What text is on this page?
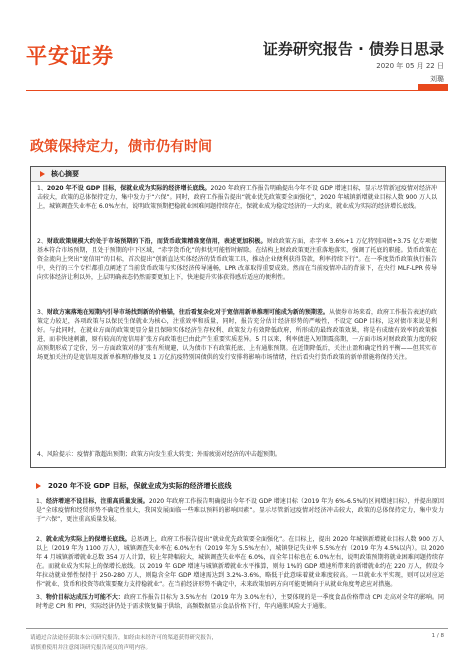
平安证券	证券研究报告 · 债券日思录
2020 年 05 月 22 日
刘璐
政策保持定力，债市仍有时间
核心摘要
1、2020 年不设 GDP 目标，保就业成为实际的经济增长底线。2020 年政府工作报告明确提出今年不设 GDP 增速目标，显示尽管新冠疫情对经济冲击较大，政策的总体保持定力，集中发力于“六保”。同时，政府工作报告提出“就业优先政策要全面强化”，2020 年城镇新增就业目标人数 900 万人以上，城镇调查失业率在 6.0%左右，说明政策预期把稳就业困难问题持续存在，保就业成为稳定经济的一大约束，就业成为实际的经济增长底线。
2、财政政策规模大约处于市场预期的下沿，而货币政策精准宽信用，表述更加积极。财政政策方面，赤字率 3.6%+1 万亿特别国债+3.75 亿专项债基本符合市场预期，且处于预期的中下区域，“赤字货币化”的担忧可能暂时解除。在结构上财政政策更注重落地落实，强调了托底的职能。货币政策在资金流向上突出“宽信用”的目标，首次提出“创新直达实体经济的货币政策工具，推动企业便利获得贷款，利率持续下行”。在一季度货币政策执行报告中，央行的三个专栏都重点阐述了当前货币政策与实体经济传导通畅，LPR 改革取得重要成效。然而在当前疫情冲击的背景下，在央行 MLF-LPR 传导向实体经济让利以外，上层明确表态仍然需要更加上下，快速提升实体获得感后适应的便利性。
3、财政方案落地在短期内引导市场找到新的价格锚，往后看复杂化对于宽信用新单推理可能成为新的预期差。从债券市场来看，政府工作报告表述的政策定力较足，各项政策与以保民生保就业为核心，注重效率和质量，同时，报告充分估计经济形势的严峻性，不设定 GDP 目标，这对债市来说是利好。与此同时，在就业方面的政策更显分量且保障实体经济生存权利、政策发力有效降低政府，所形成的最终政策效果，将是有成绩有效率的政策推进，而非快速刺激，原有较高的宽信用扩张方向政策也已由此产生重要实质差异。5 月以来，利率债进入短期震荡期，一方面市场对财政政策力度的较高预期形成了定价，另一方面政策对的扩张有所规避，认为债市下有政策托底、上有通胀预期。在近期降低后，关注止盈和确定性的平衡——但其实市场更加关注的是宽信用及新单推理的修复及 1 万亿抗疫特别国债供的发行安排将影响市场情绪，往后看央行货币政策的新单措施将保持关注。
4、风险提示：疫情扩散超出预期；政策方向发生重大转变；外需疲弱对经济的冲击超预期。
2020 年不设 GDP 目标，保就业成为实际的经济增长底线
1、经济增速不设目标，注重高质量发展。2020 年政府工作报告明确提出今年不设 GDP 增速目标（2019 年为 6%-6.5%的区间增速目标），并提出原因是“全球疫情和经贸形势不确定性很大，我国发展面临一些难以预料的影响因素”。显示尽管新冠疫情对经济冲击较大，政策的总体保持定力，集中发力于“六保”，更注重高质量发展。
2、就业成为实际上的保增长底线。总基调上，政府工作报告提出“就业优先政策要全面强化”。在目标上，提出 2020 年城镇新增就业目标人数 900 万人以上（2019 年为 1100 万人），城镇调查失业率在 6.0%左右（2019 年为 5.5%左右），城镇登记失业率 5.5%左右（2019 年为 4.5%以内）。以 2020 年 4 月城镇新增就业总数 354 万人计算，较上年降幅较大，城镇调查失业率在 6.0%，而全年目标也在 6.0%左右，说明政策预期将就业困难问题持续存在。而就业成为实际上的保增长底线。以 2019 年 GDP 增速与城镇新增就业水平推算，则每 1%的 GDP 增速所带来的新增就业约在 220 万人，假设今年拉动就业弹性保持于 250-280 万人，则隐含全年 GDP 增速需达到 3.2%-3.6%，略低于此意味着就业难度较高。一旦就业水平实现，则可以对应运作“就业、货币和投资等政策要聚力支持稳就业”。在当前经济形势不确定中，未来政策加码方向可能更倾向于从就业角度考虑应对措施。
3、物价目标达成压力可能不大：政府工作报告目标为 3.5%左右（2019 年为 3.0%左右），主要体现的是一季度食品价格带动 CPI 走高对全年的影响。同时考虑 CPI 和 PPI，实际经济仍处于需求恢复偏于供给，高频数据显示食品价格下行，年内通胀风险大于通胀。
请通过合法途径获取本公司研究报告，如经由未经许可的渠道获得研究报告，
请慎重使用并注意阅读研究报告尾页的声明内容。
1 / 8
